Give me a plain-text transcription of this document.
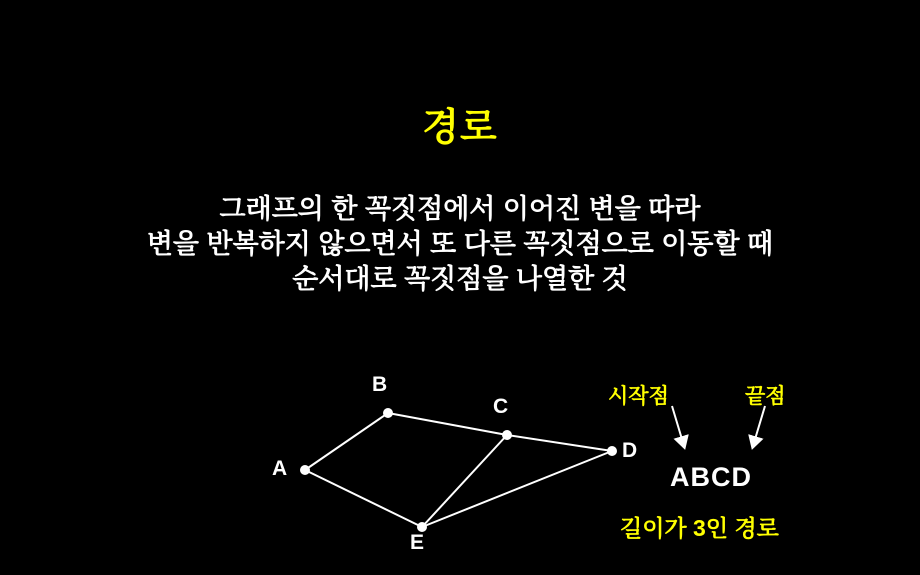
경로
그래프의 한 꼭짓점에서 이어진 변을 따라
변을 반복하지 않으면서 또 다른 꼭짓점으로 이동할 때
순서대로 꼭짓점을 나열한 것
A
B
C
D
E
시작점	끝점
ABCD
길이가 3인 경로
